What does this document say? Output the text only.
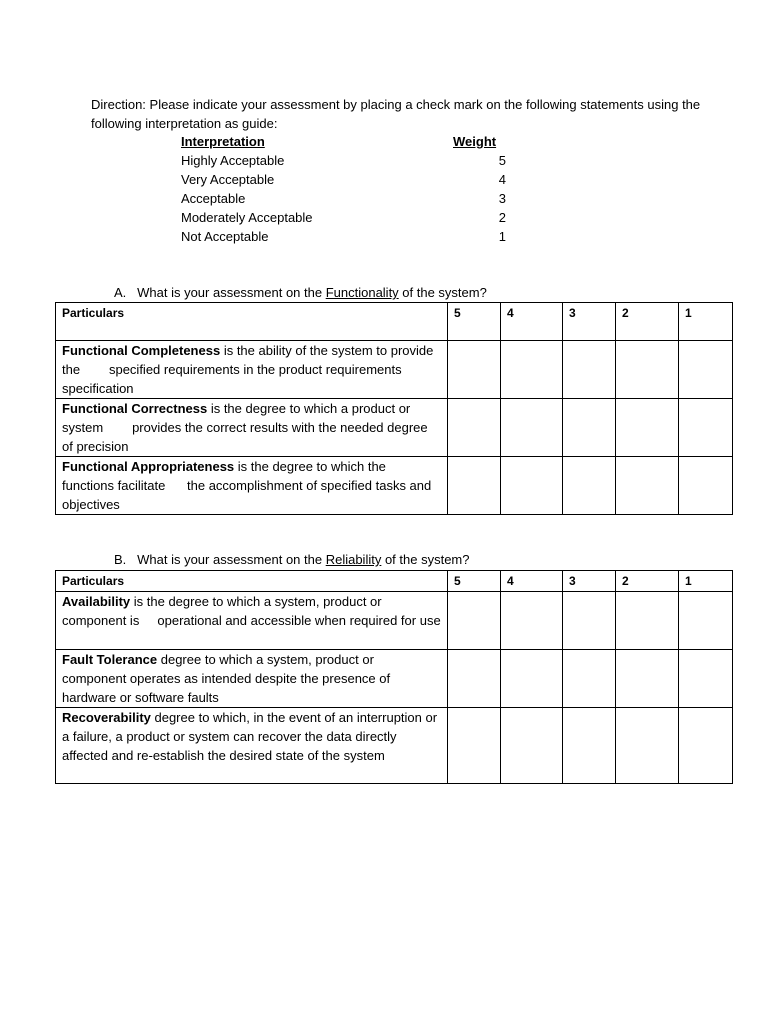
Direction: Please indicate your assessment by placing a check mark on the following statements using the following interpretation as guide:
Interpretation	Weight
Highly Acceptable	5
Very Acceptable	4
Acceptable	3
Moderately Acceptable	2
Not Acceptable	1
A.   What is your assessment on the Functionality of the system?
Particulars	5	4	3	2	1
Functional Completeness is the ability of the system to provide the        specified requirements in the product requirements specification					
Functional Correctness is the degree to which a product or system        provides the correct results with the needed degree of precision					
Functional Appropriateness is the degree to which the functions facilitate      the accomplishment of specified tasks and objectives					
B.   What is your assessment on the Reliability of the system?
Particulars	5	4	3	2	1
Availability is the degree to which a system, product or component is     operational and accessible when required for use					
Fault Tolerance degree to which a system, product or component operates as intended despite the presence of hardware or software faults					
Recoverability degree to which, in the event of an interruption or a failure, a product or system can recover the data directly affected and re-establish the desired state of the system					
